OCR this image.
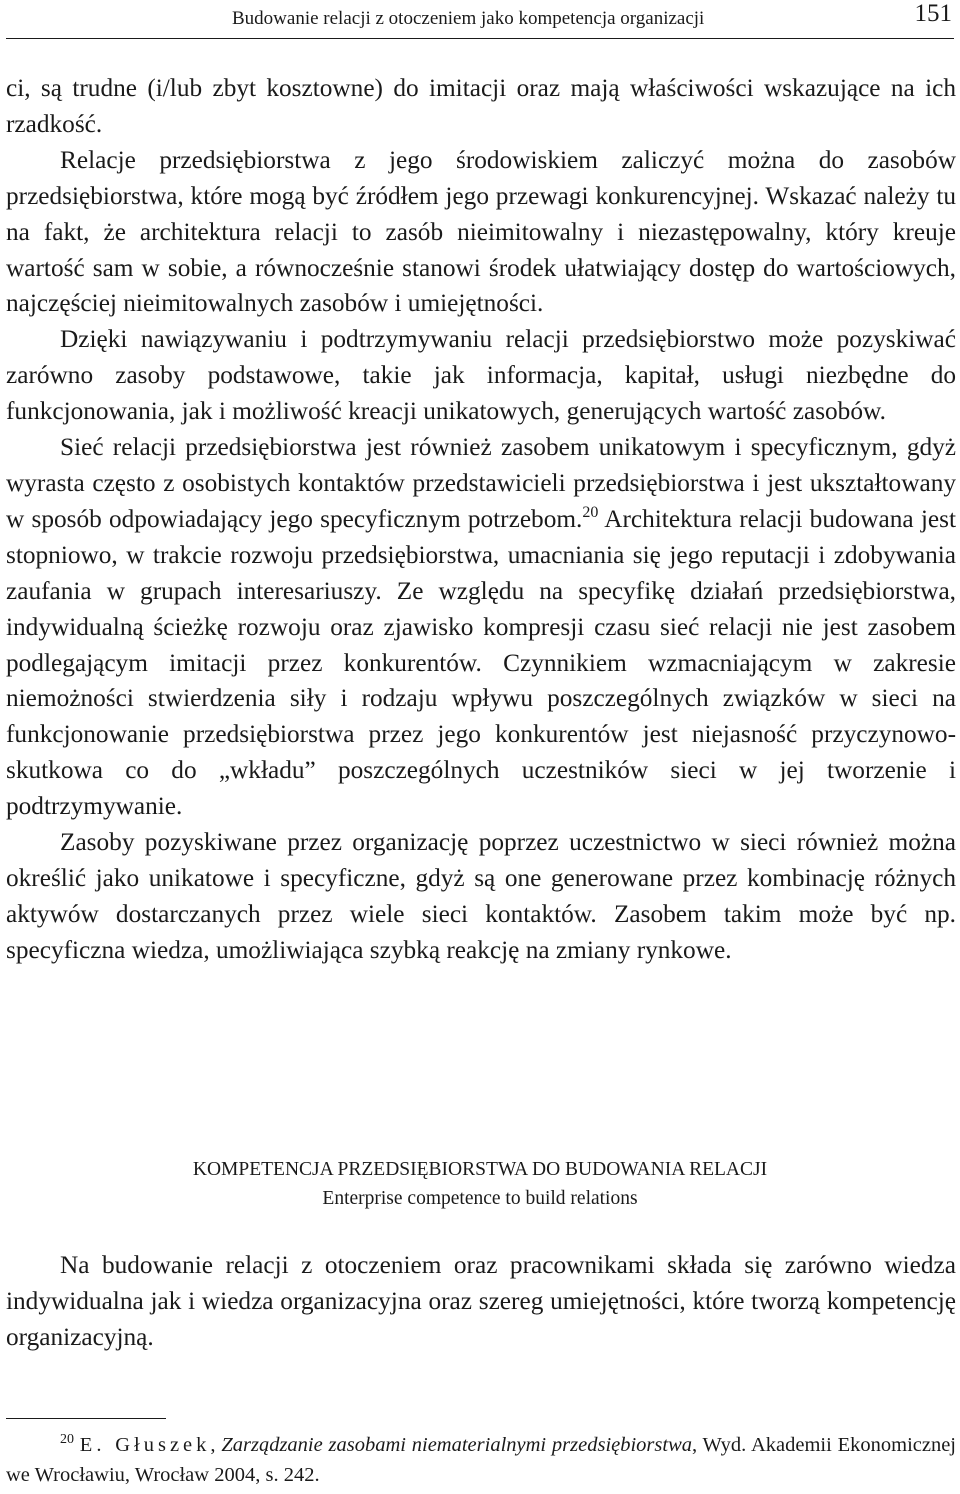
Budowanie relacji z otoczeniem jako kompetencja organizacji	151

ci, są trudne (i/lub zbyt kosztowne) do imitacji oraz mają właściwości wskazujące na ich rzadkość.

Relacje przedsiębiorstwa z jego środowiskiem zaliczyć można do zasobów przedsiębiorstwa, które mogą być źródłem jego przewagi konkurencyjnej. Wskazać należy tu na fakt, że architektura relacji to zasób nieimitowalny i niezastępowalny, który kreuje wartość sam w sobie, a równocześnie stanowi środek ułatwiający dostęp do wartościowych, najczęściej nieimitowalnych zasobów i umiejętności.

Dzięki nawiązywaniu i podtrzymywaniu relacji przedsiębiorstwo może pozyskiwać zarówno zasoby podstawowe, takie jak informacja, kapitał, usługi niezbędne do funkcjonowania, jak i możliwość kreacji unikatowych, generujących wartość zasobów.

Sieć relacji przedsiębiorstwa jest również zasobem unikatowym i specyficznym, gdyż wyrasta często z osobistych kontaktów przedstawicieli przedsiębiorstwa i jest ukształtowany w sposób odpowiadający jego specyficznym potrzebom.$^{20}$ Architektura relacji budowana jest stopniowo, w trakcie rozwoju przedsiębiorstwa, umacniania się jego reputacji i zdobywania zaufania w grupach interesariuszy. Ze względu na specyfikę działań przedsiębiorstwa, indywidualną ścieżkę rozwoju oraz zjawisko kompresji czasu sieć relacji nie jest zasobem podlegającym imitacji przez konkurentów. Czynnikiem wzmacniającym w zakresie niemożności stwierdzenia siły i rodzaju wpływu poszczególnych związków w sieci na funkcjonowanie przedsiębiorstwa przez jego konkurentów jest niejasność przyczynowo-skutkowa co do „wkładu” poszczególnych uczestników sieci w jej tworzenie i podtrzymywanie.

Zasoby pozyskiwane przez organizację poprzez uczestnictwo w sieci również można określić jako unikatowe i specyficzne, gdyż są one generowane przez kombinację różnych aktywów dostarczanych przez wiele sieci kontaktów. Zasobem takim może być np. specyficzna wiedza, umożliwiająca szybką reakcję na zmiany rynkowe.

KOMPETENCJA PRZEDSIĘBIORSTWA DO BUDOWANIA RELACJI
Enterprise competence to build relations

Na budowanie relacji z otoczeniem oraz pracownikami składa się zarówno wiedza indywidualna jak i wiedza organizacyjna oraz szereg umiejętności, które tworzą kompetencję organizacyjną.

$^{20}$ E. Głuszek, Zarządzanie zasobami niematerialnymi przedsiębiorstwa, Wyd. Akademii Ekonomicznej we Wrocławiu, Wrocław 2004, s. 242.
